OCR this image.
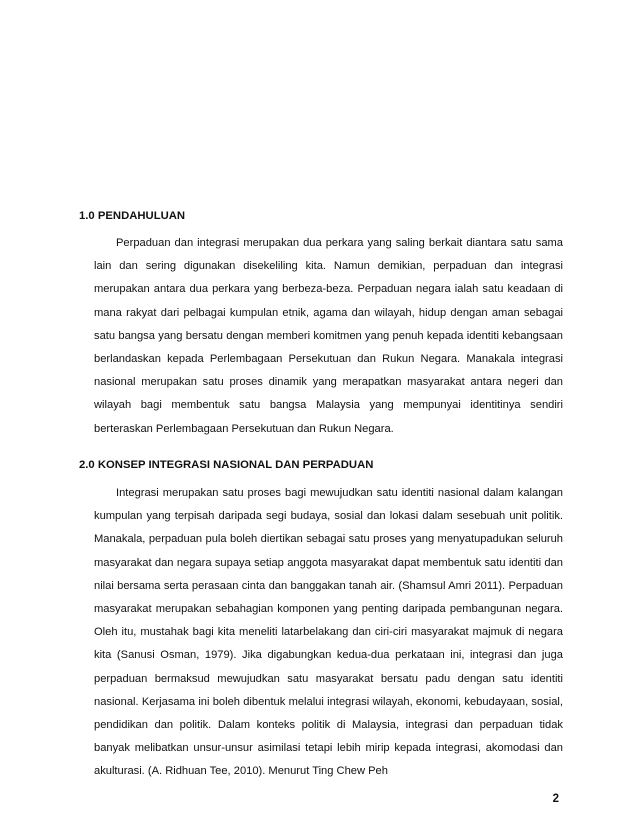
1.0 PENDAHULUAN

Perpaduan dan integrasi merupakan dua perkara yang saling berkait diantara satu sama lain dan sering digunakan disekeliling kita. Namun demikian, perpaduan dan integrasi merupakan antara dua perkara yang berbeza-beza. Perpaduan negara ialah satu keadaan di mana rakyat dari pelbagai kumpulan etnik, agama dan wilayah, hidup dengan aman sebagai satu bangsa yang bersatu dengan memberi komitmen yang penuh kepada identiti kebangsaan berlandaskan kepada Perlembagaan Persekutuan dan Rukun Negara. Manakala integrasi nasional merupakan satu proses dinamik yang merapatkan masyarakat antara negeri dan wilayah bagi membentuk satu bangsa Malaysia yang mempunyai identitinya sendiri berteraskan Perlembagaan Persekutuan dan Rukun Negara.

2.0 KONSEP INTEGRASI NASIONAL DAN PERPADUAN

Integrasi merupakan satu proses bagi mewujudkan satu identiti nasional dalam kalangan kumpulan yang terpisah daripada segi budaya, sosial dan lokasi dalam sesebuah unit politik. Manakala, perpaduan pula boleh diertikan sebagai satu proses yang menyatupadukan seluruh masyarakat dan negara supaya setiap anggota masyarakat dapat membentuk satu identiti dan nilai bersama serta perasaan cinta dan banggakan tanah air. (Shamsul Amri 2011). Perpaduan masyarakat merupakan sebahagian komponen yang penting daripada pembangunan negara. Oleh itu, mustahak bagi kita meneliti latarbelakang dan ciri-ciri masyarakat majmuk di negara kita (Sanusi Osman, 1979). Jika digabungkan kedua-dua perkataan ini, integrasi dan juga perpaduan bermaksud mewujudkan satu masyarakat bersatu padu dengan satu identiti nasional. Kerjasama ini boleh dibentuk melalui integrasi wilayah, ekonomi, kebudayaan, sosial, pendidikan dan politik. Dalam konteks politik di Malaysia, integrasi dan perpaduan tidak banyak melibatkan unsur-unsur asimilasi tetapi lebih mirip kepada integrasi, akomodasi dan akulturasi. (A. Ridhuan Tee, 2010). Menurut Ting Chew Peh

2
